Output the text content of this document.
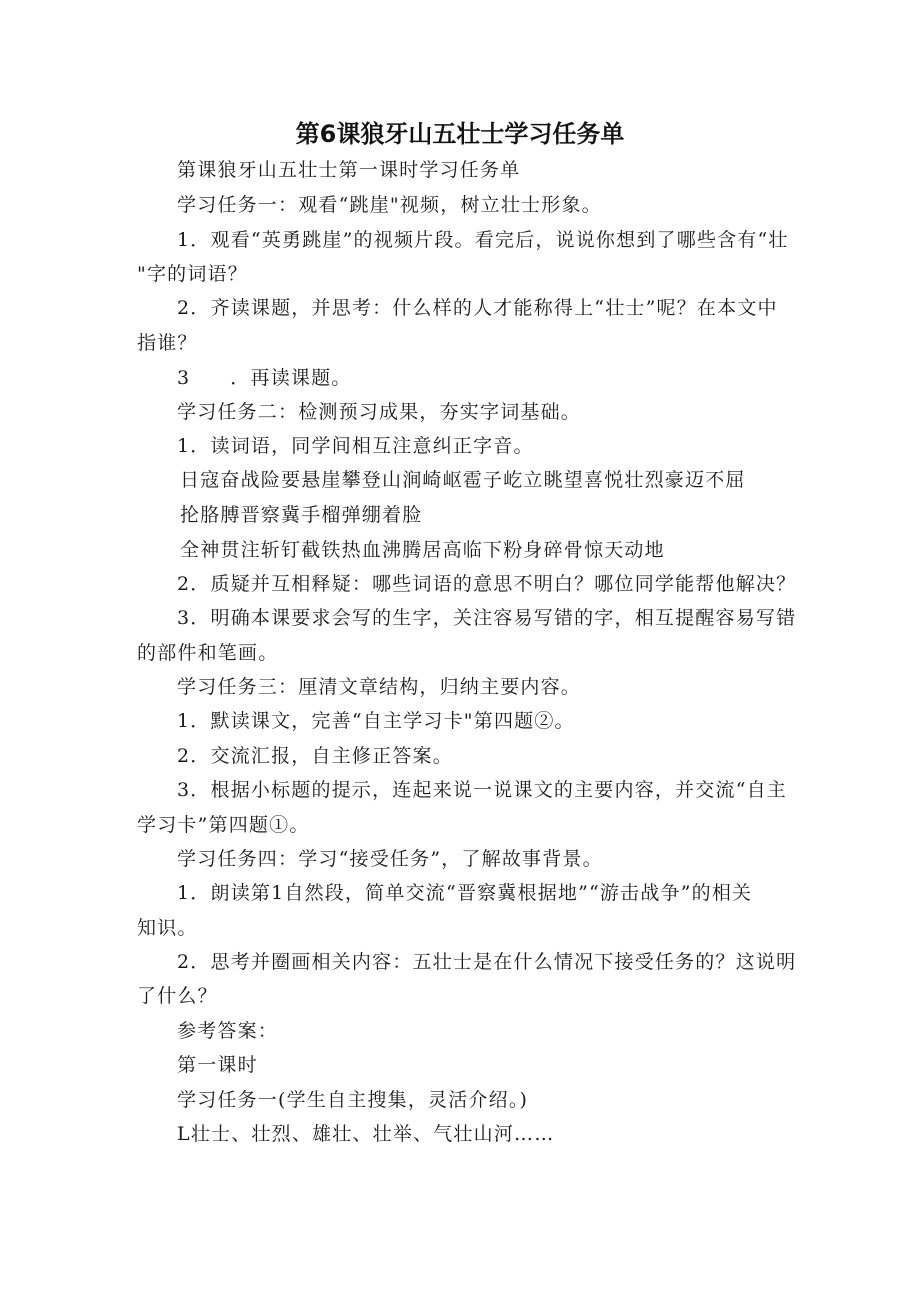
第6课狼牙山五壮士学习任务单
第课狼牙山五壮士第一课时学习任务单
学习任务一：观看“跳崖"视频，树立壮士形象。
1．观看“英勇跳崖”的视频片段。看完后，说说你想到了哪些含有“壮
"字的词语？
2．齐读课题，并思考：什么样的人才能称得上“壮士”呢？在本文中
指谁？
3 ．再读课题。
学习任务二：检测预习成果，夯实字词基础。
1．读词语，同学间相互注意纠正字音。
日寇奋战险要悬崖攀登山涧崎岖雹子屹立眺望喜悦壮烈豪迈不屈
抡胳膊晋察冀手榴弹绷着脸
全神贯注斩钉截铁热血沸腾居高临下粉身碎骨惊天动地
2．质疑并互相释疑：哪些词语的意思不明白？哪位同学能帮他解决？
3．明确本课要求会写的生字，关注容易写错的字，相互提醒容易写错
的部件和笔画。
学习任务三：厘清文章结构，归纳主要内容。
1．默读课文，完善“自主学习卡"第四题②。
2．交流汇报，自主修正答案。
3．根据小标题的提示，连起来说一说课文的主要内容，并交流“自主
学习卡”第四题①。
学习任务四：学习“接受任务”，了解故事背景。
1．朗读第1自然段，简单交流“晋察冀根据地”“游击战争”的相关
知识。
2．思考并圈画相关内容：五壮士是在什么情况下接受任务的？这说明
了什么？
参考答案：
第一课时
学习任务一(学生自主搜集，灵活介绍。)
L壮士、壮烈、雄壮、壮举、气壮山河……
